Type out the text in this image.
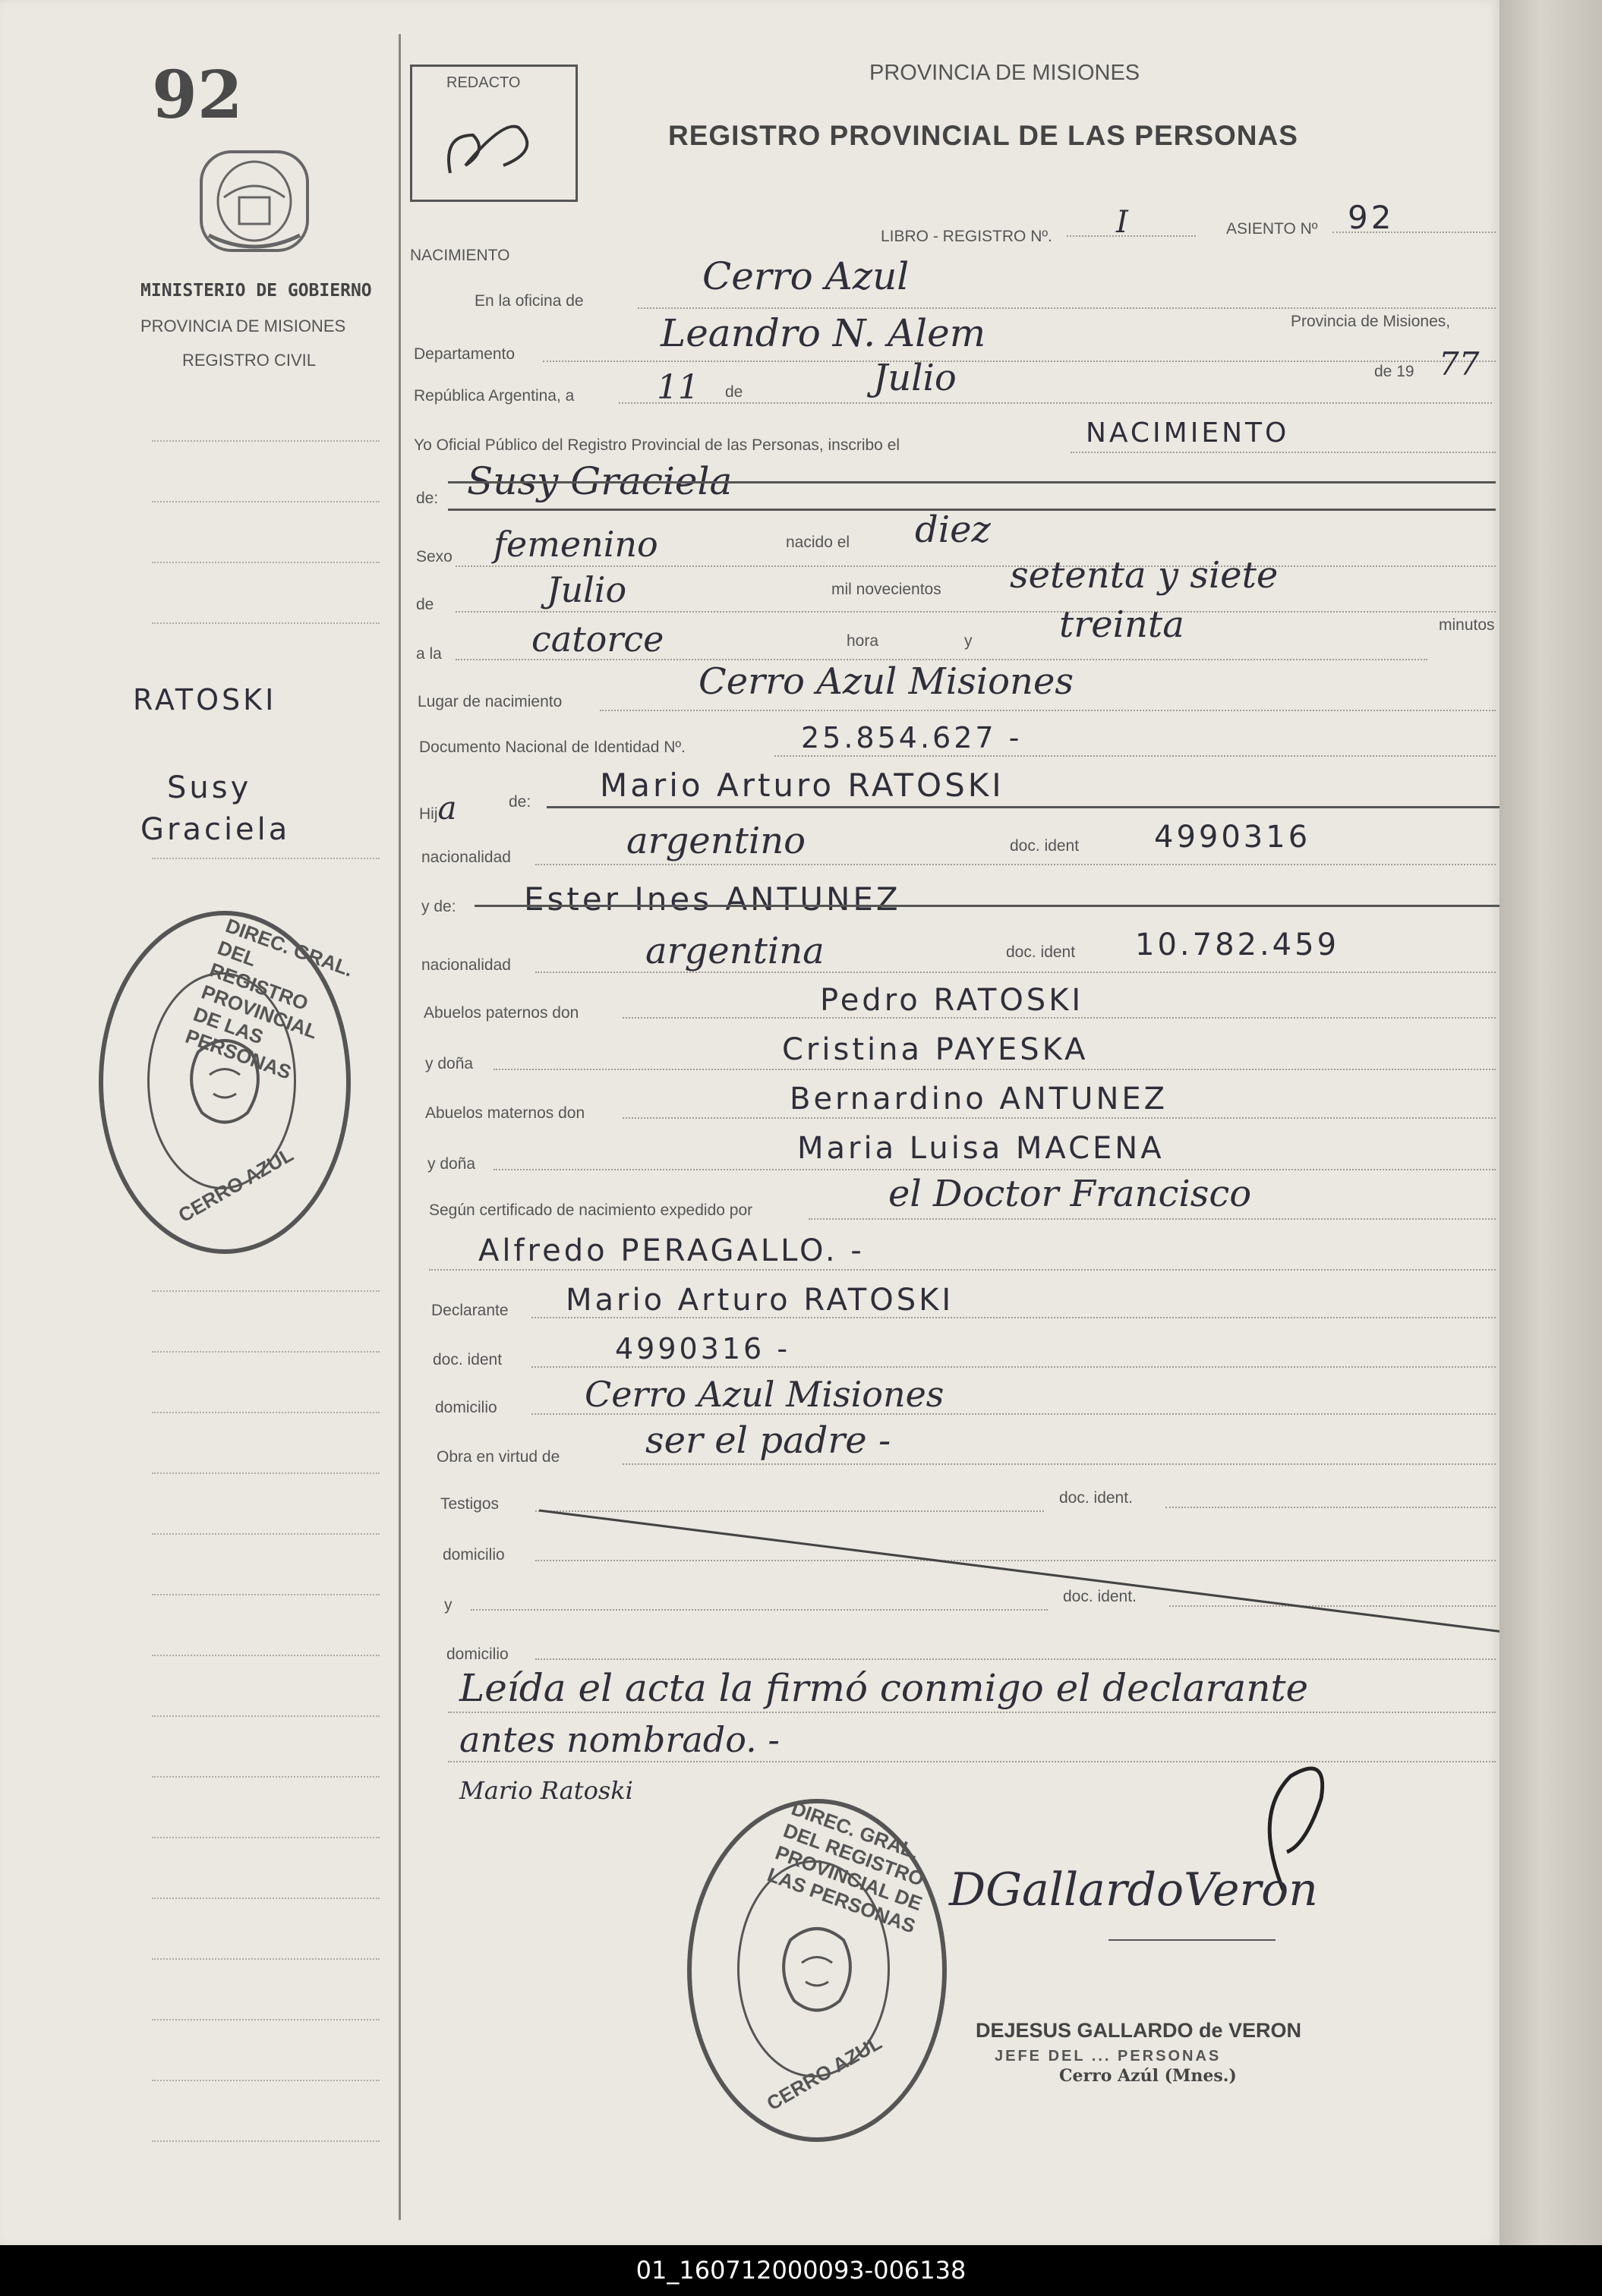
92
MINISTERIO DE GOBIERNO
PROVINCIA DE MISIONES
REGISTRO CIVIL
RATOSKI
Susy
Graciela
DIREC. GRAL. DEL REGISTRO PROVINCIAL DE LAS PERSONAS
CERRO AZUL
REDACTO	PROVINCIA DE MISIONES
REGISTRO PROVINCIAL DE LAS PERSONAS
NACIMIENTO
LIBRO - REGISTRO Nº. I	ASIENTO Nº 92
En la oficina de
Cerro Azul
Provincia de Misiones,
Departamento	Leandro N. Alem
República Argentina, a 11 de	Julio	de 19 77
Yo Oficial Público del Registro Provincial de las Personas, inscribo el	NACIMIENTO
de: Susy Graciela
Sexo femenino	nacido el diez
de	Julio	mil novecientos setenta y siete
a la	catorce	hora	y treinta	minutos
Lugar de nacimiento	Cerro Azul Misiones
Documento Nacional de Identidad Nº.	25.854.627 -
Hija	de: Mario Arturo RATOSKI
nacionalidad	argentino	doc. ident 4990316
y de: Ester Ines ANTUNEZ
nacionalidad	argentina	doc. ident 10.782.459
Abuelos paternos don	Pedro RATOSKI
y doña	Cristina PAYESKA
Abuelos maternos don	Bernardino ANTUNEZ
y doña	Maria Luisa MACENA
Según certificado de nacimiento expedido por	el Doctor Francisco
Alfredo PERAGALLO. -
Declarante Mario Arturo RATOSKI
doc. ident	4990316 -
domicilio	Cerro Azul Misiones
Obra en virtud de ser el padre -
Testigos	doc. ident.
domicilio
y	doc. ident.
domicilio
Leída el acta la firmó conmigo el declarante
antes nombrado. -
Mario Ratoski
DGallardoVeron
DIREC. GRAL. DEL REGISTRO PROVINCIAL DE LAS PERSONAS
CERRO AZUL
DEJESUS GALLARDO de VERON
JEFE DEL ... PERSONAS
Cerro Azúl (Mnes.)
01_160712000093-006138
